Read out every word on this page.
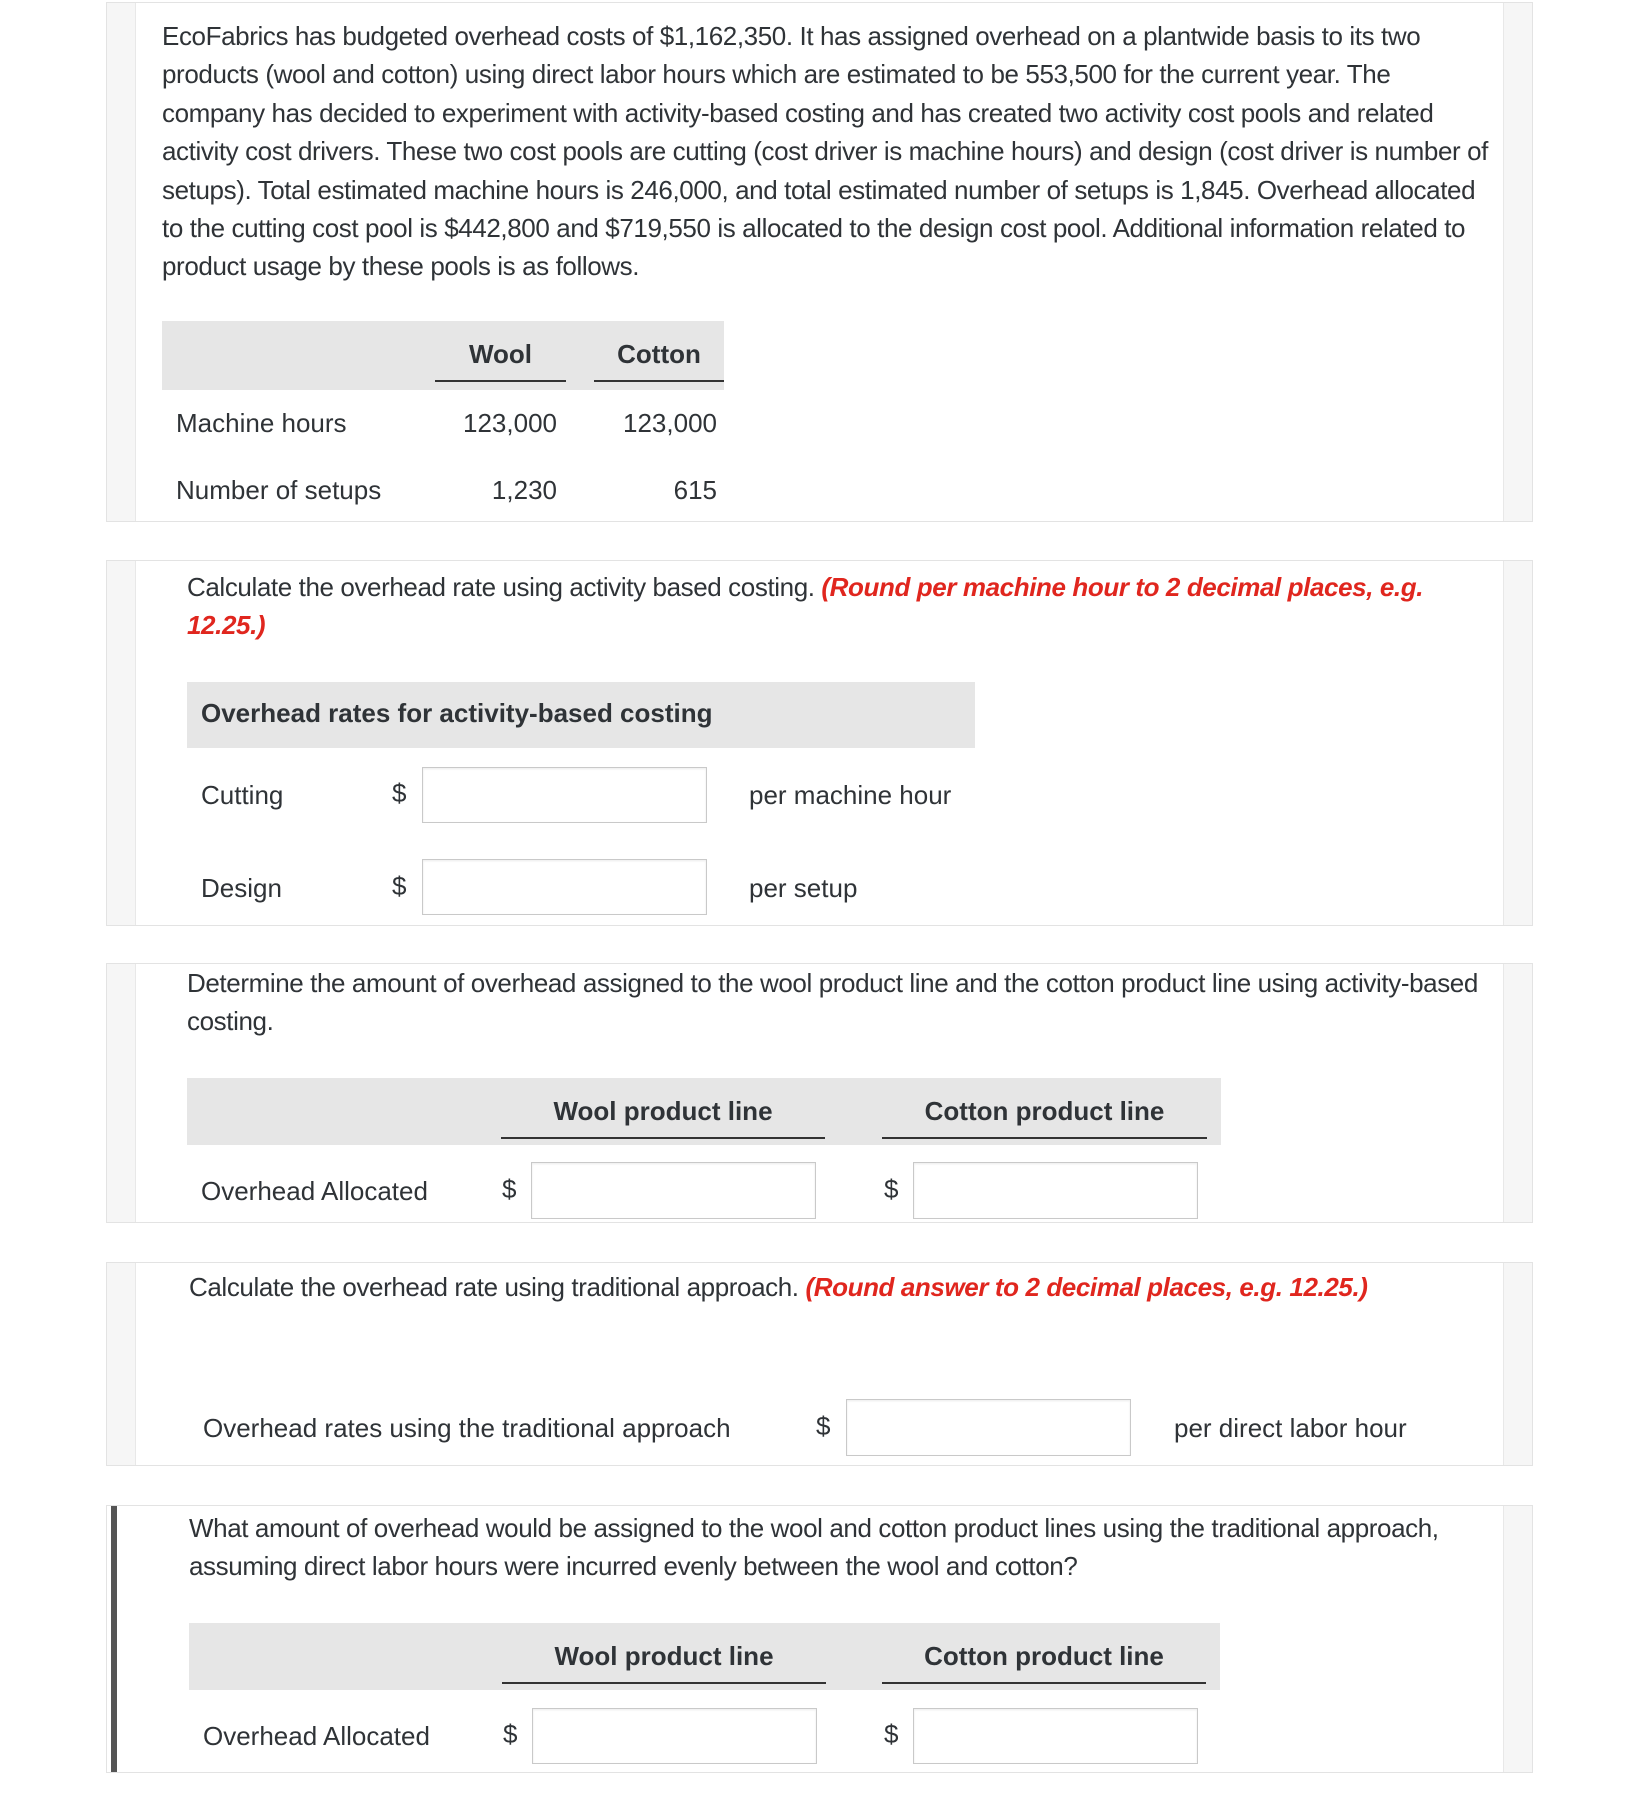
EcoFabrics has budgeted overhead costs of $1,162,350. It has assigned overhead on a plantwide basis to its two products (wool and cotton) using direct labor hours which are estimated to be 553,500 for the current year. The company has decided to experiment with activity-based costing and has created two activity cost pools and related activity cost drivers. These two cost pools are cutting (cost driver is machine hours) and design (cost driver is number of setups). Total estimated machine hours is 246,000, and total estimated number of setups is 1,845. Overhead allocated to the cutting cost pool is $442,800 and $719,550 is allocated to the design cost pool. Additional information related to product usage by these pools is as follows.
Wool	Cotton
Machine hours	123,000	123,000
Number of setups	1,230	615
Calculate the overhead rate using activity based costing. (Round per machine hour to 2 decimal places, e.g. 12.25.)
Overhead rates for activity-based costing
Cutting	$	per machine hour
Design	$	per setup
Determine the amount of overhead assigned to the wool product line and the cotton product line using activity-based costing.
Wool product line	Cotton product line
Overhead Allocated	$	$
Calculate the overhead rate using traditional approach. (Round answer to 2 decimal places, e.g. 12.25.)
Overhead rates using the traditional approach	$	per direct labor hour
What amount of overhead would be assigned to the wool and cotton product lines using the traditional approach, assuming direct labor hours were incurred evenly between the wool and cotton?
Wool product line	Cotton product line
Overhead Allocated	$	$
